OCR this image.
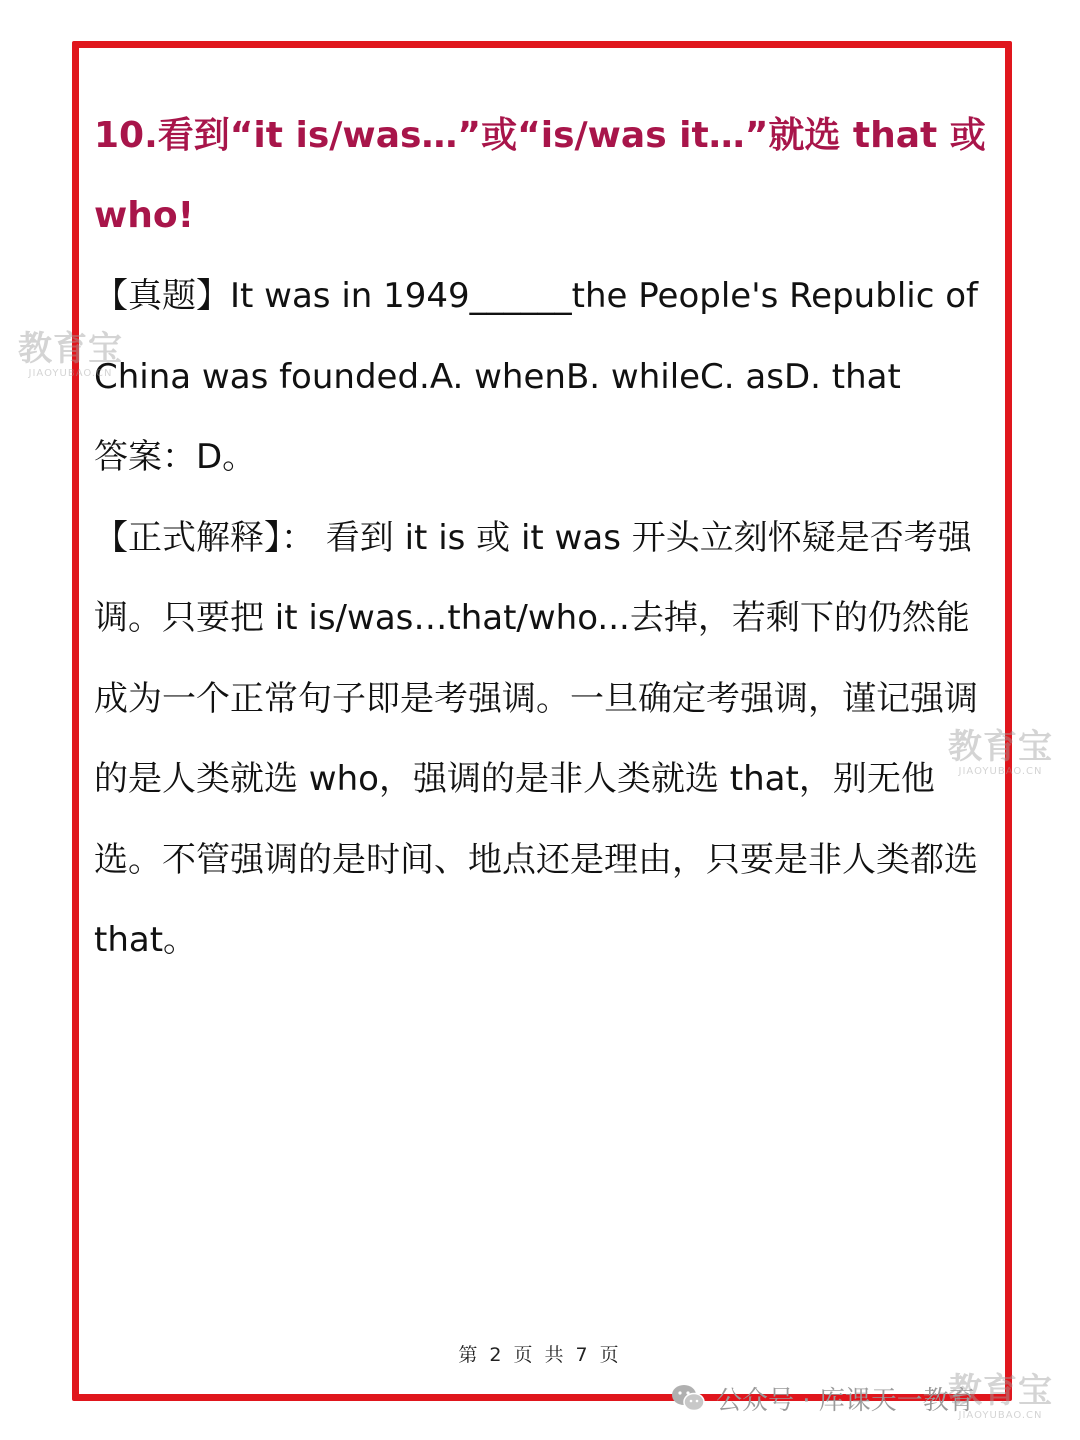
10.看到“it is/was…”或“is/was it…”就选 that 或 who!

【真题】It was in 1949______the People's Republic of China was founded.A. whenB. whileC. asD. that

答案：D。

【正式解释】： 看到 it is 或 it was 开头立刻怀疑是否考强调。只要把 it is/was…that/who...去掉，若剩下的仍然能成为一个正常句子即是考强调。一旦确定考强调，谨记强调的是人类就选 who，强调的是非人类就选 that，别无他选。不管强调的是时间、地点还是理由，只要是非人类都选 that。

第 2 页 共 7 页
公众号 · 库课天一教育
教育宝
JIAOYUBAO.CN
教育宝
JIAOYUBAO.CN
教育宝
JIAOYUBAO.CN
